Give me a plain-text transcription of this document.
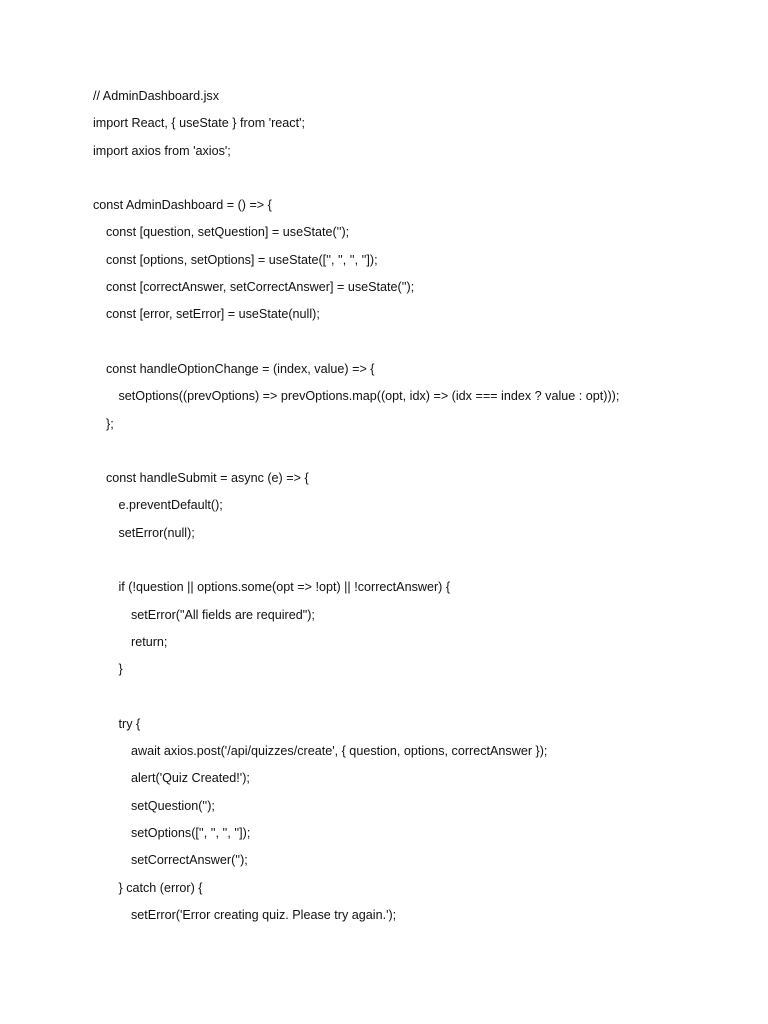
// AdminDashboard.jsx
import React, { useState } from 'react';
import axios from 'axios';
const AdminDashboard = () => {
const [question, setQuestion] = useState('');
const [options, setOptions] = useState(['', '', '', '']);
const [correctAnswer, setCorrectAnswer] = useState('');
const [error, setError] = useState(null);
const handleOptionChange = (index, value) => {
setOptions((prevOptions) => prevOptions.map((opt, idx) => (idx === index ? value : opt)));
};
const handleSubmit = async (e) => {
e.preventDefault();
setError(null);
if (!question || options.some(opt => !opt) || !correctAnswer) {
setError("All fields are required");
return;
}
try {
await axios.post('/api/quizzes/create', { question, options, correctAnswer });
alert('Quiz Created!');
setQuestion('');
setOptions(['', '', '', '']);
setCorrectAnswer('');
} catch (error) {
setError('Error creating quiz. Please try again.');
